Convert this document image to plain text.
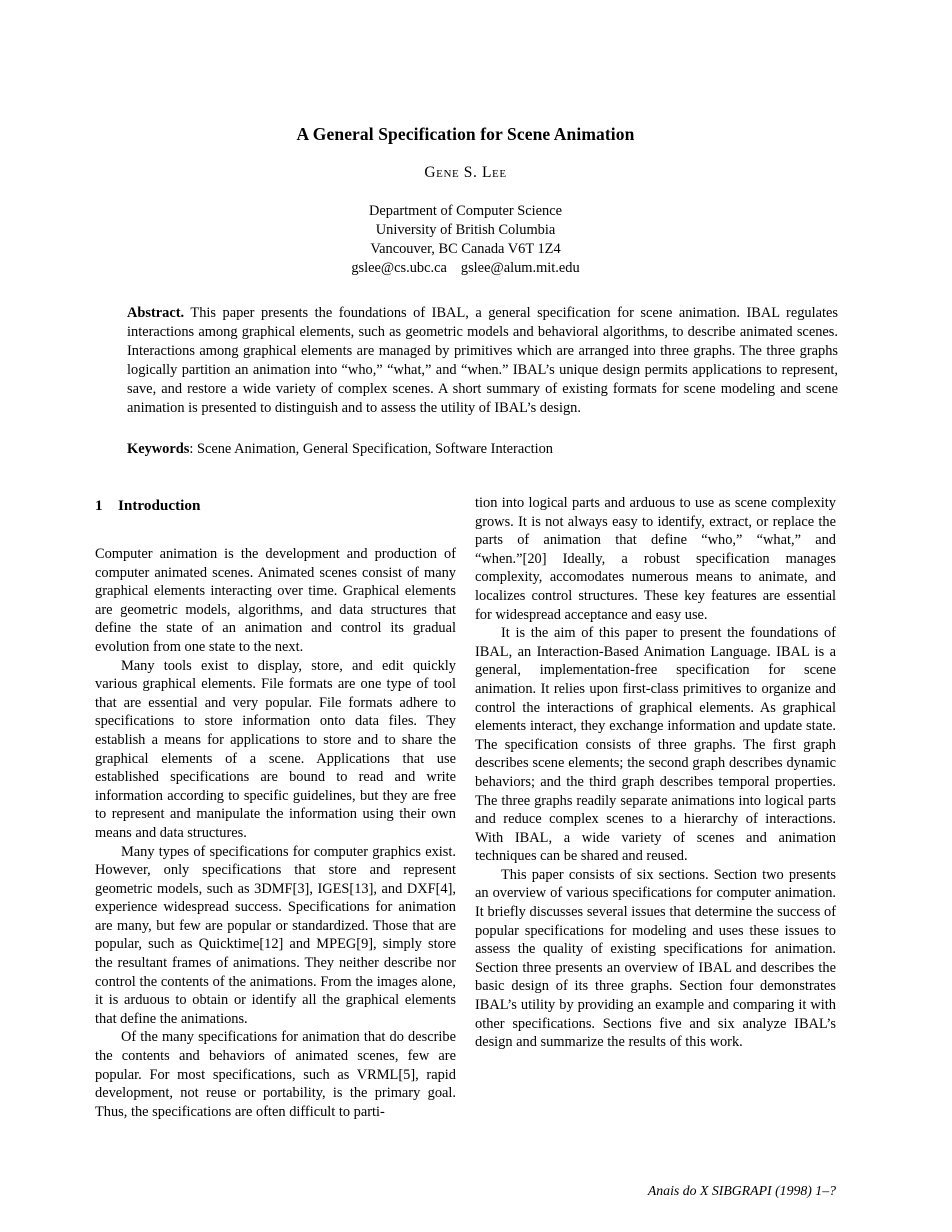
A General Specification for Scene Animation
Gene S. Lee
Department of Computer Science
University of British Columbia
Vancouver, BC Canada V6T 1Z4
gslee@cs.ubc.ca gslee@alum.mit.edu
Abstract. This paper presents the foundations of IBAL, a general specification for scene animation. IBAL regulates interactions among graphical elements, such as geometric models and behavioral algorithms, to describe animated scenes. Interactions among graphical elements are managed by primitives which are arranged into three graphs. The three graphs logically partition an animation into “who,” “what,” and “when.” IBAL’s unique design permits applications to represent, save, and restore a wide variety of complex scenes. A short summary of existing formats for scene modeling and scene animation is presented to distinguish and to assess the utility of IBAL’s design.
Keywords: Scene Animation, General Specification, Software Interaction
1 Introduction

Computer animation is the development and production of computer animated scenes. Animated scenes consist of many graphical elements interacting over time. Graphical elements are geometric models, algorithms, and data structures that define the state of an animation and control its gradual evolution from one state to the next.

Many tools exist to display, store, and edit quickly various graphical elements. File formats are one type of tool that are essential and very popular. File formats adhere to specifications to store information onto data files. They establish a means for applications to store and to share the graphical elements of a scene. Applications that use established specifications are bound to read and write information according to specific guidelines, but they are free to represent and manipulate the information using their own means and data structures.

Many types of specifications for computer graphics exist. However, only specifications that store and represent geometric models, such as 3DMF[3], IGES[13], and DXF[4], experience widespread success. Specifications for animation are many, but few are popular or standardized. Those that are popular, such as Quicktime[12] and MPEG[9], simply store the resultant frames of animations. They neither describe nor control the contents of the animations. From the images alone, it is arduous to obtain or identify all the graphical elements that define the animations.

Of the many specifications for animation that do describe the contents and behaviors of animated scenes, few are popular. For most specifications, such as VRML[5], rapid development, not reuse or portability, is the primary goal. Thus, the specifications are often difficult to parti-

tion into logical parts and arduous to use as scene complexity grows. It is not always easy to identify, extract, or replace the parts of animation that define “who,” “what,” and “when.”[20] Ideally, a robust specification manages complexity, accomodates numerous means to animate, and localizes control structures. These key features are essential for widespread acceptance and easy use.

It is the aim of this paper to present the foundations of IBAL, an Interaction-Based Animation Language. IBAL is a general, implementation-free specification for scene animation. It relies upon first-class primitives to organize and control the interactions of graphical elements. As graphical elements interact, they exchange information and update state. The specification consists of three graphs. The first graph describes scene elements; the second graph describes dynamic behaviors; and the third graph describes temporal properties. The three graphs readily separate animations into logical parts and reduce complex scenes to a hierarchy of interactions. With IBAL, a wide variety of scenes and animation techniques can be shared and reused.

This paper consists of six sections. Section two presents an overview of various specifications for computer animation. It briefly discusses several issues that determine the success of popular specifications for modeling and uses these issues to assess the quality of existing specifications for animation. Section three presents an overview of IBAL and describes the basic design of its three graphs. Section four demonstrates IBAL’s utility by providing an example and comparing it with other specifications. Sections five and six analyze IBAL’s design and summarize the results of this work.

Anais do X SIBGRAPI (1998) 1–?
